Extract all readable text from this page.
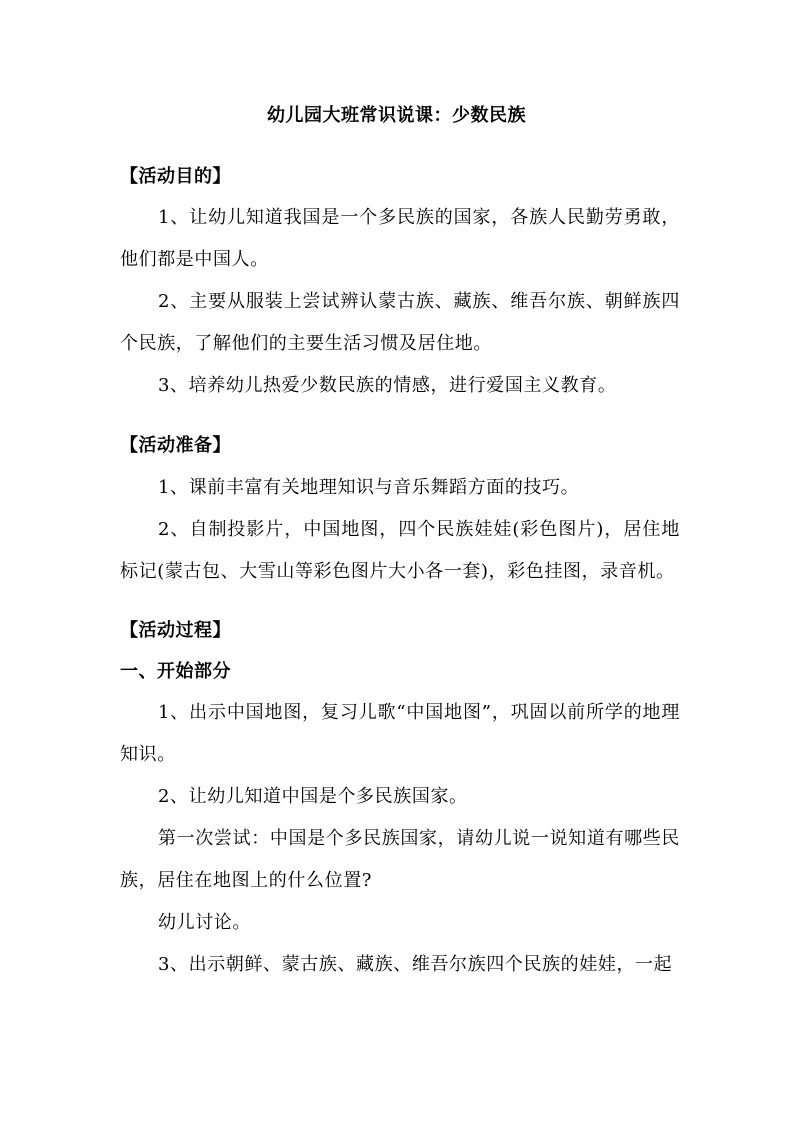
幼儿园大班常识说课：少数民族
【活动目的】

1、让幼儿知道我国是一个多民族的国家，各族人民勤劳勇敢，他们都是中国人。

2、主要从服装上尝试辨认蒙古族、藏族、维吾尔族、朝鲜族四个民族，了解他们的主要生活习惯及居住地。

3、培养幼儿热爱少数民族的情感，进行爱国主义教育。

【活动准备】

1、课前丰富有关地理知识与音乐舞蹈方面的技巧。

2、自制投影片，中国地图，四个民族娃娃(彩色图片)，居住地标记(蒙古包、大雪山等彩色图片大小各一套)，彩色挂图，录音机。

【活动过程】
一、开始部分

1、出示中国地图，复习儿歌“中国地图”，巩固以前所学的地理知识。

2、让幼儿知道中国是个多民族国家。

第一次尝试：中国是个多民族国家，请幼儿说一说知道有哪些民族，居住在地图上的什么位置?

幼儿讨论。

3、出示朝鲜、蒙古族、藏族、维吾尔族四个民族的娃娃，一起
